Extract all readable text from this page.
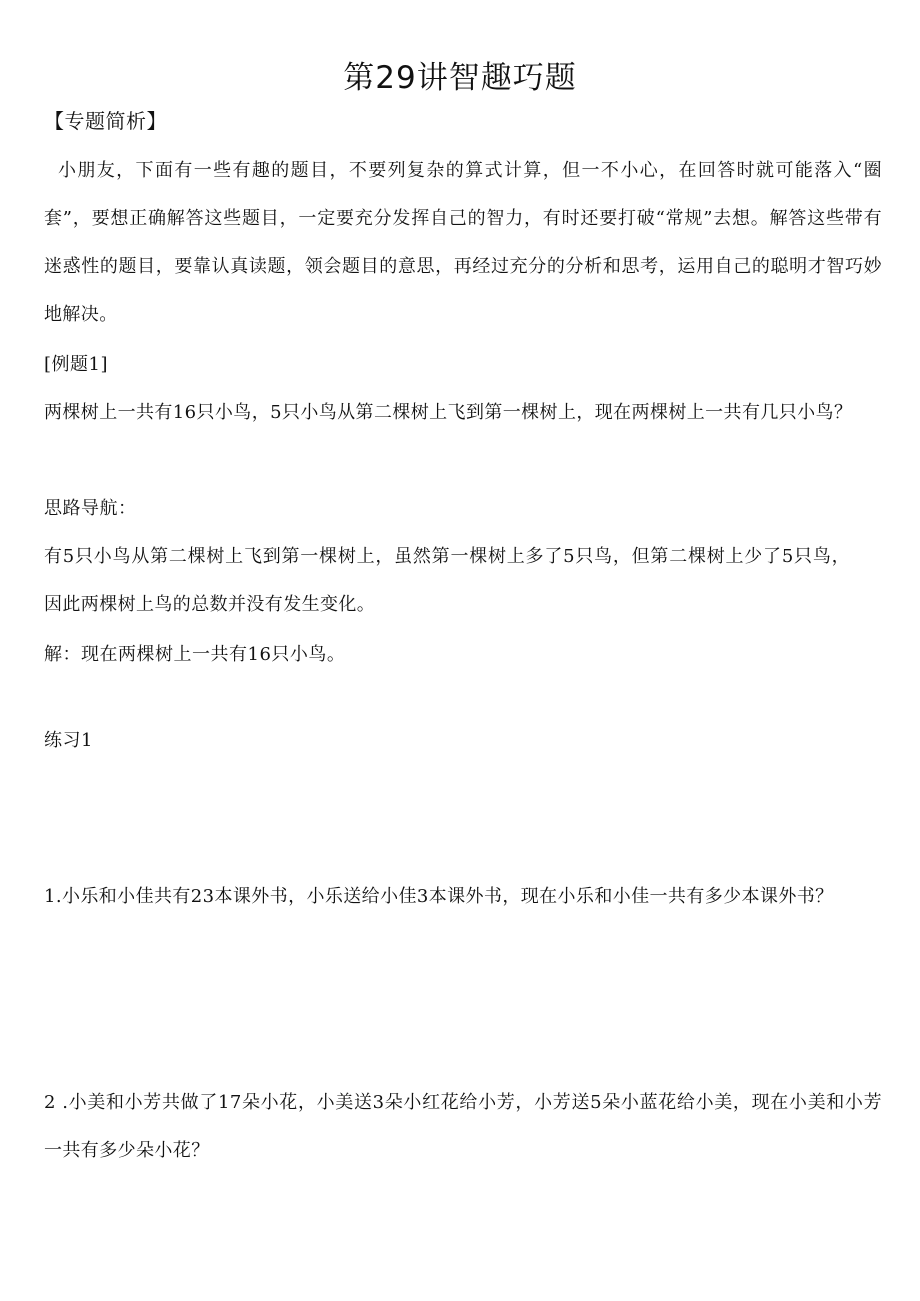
第29讲智趣巧题
【专题简析】
小朋友，下面有一些有趣的题目，不要列复杂的算式计算，但一不小心，在回答时就可能落入“圈套”，要想正确解答这些题目，一定要充分发挥自己的智力，有时还要打破“常规”去想。解答这些带有迷惑性的题目，要靠认真读题，领会题目的意思，再经过充分的分析和思考，运用自己的聪明才智巧妙地解决。
[例题1]
两棵树上一共有16只小鸟，5只小鸟从第二棵树上飞到第一棵树上，现在两棵树上一共有几只小鸟？
思路导航：
有5只小鸟从第二棵树上飞到第一棵树上，虽然第一棵树上多了5只鸟，但第二棵树上少了5只鸟，因此两棵树上鸟的总数并没有发生变化。
解：现在两棵树上一共有16只小鸟。
练习1
1.小乐和小佳共有23本课外书，小乐送给小佳3本课外书，现在小乐和小佳一共有多少本课外书？
2 .小美和小芳共做了17朵小花，小美送3朵小红花给小芳，小芳送5朵小蓝花给小美，现在小美和小芳一共有多少朵小花？
